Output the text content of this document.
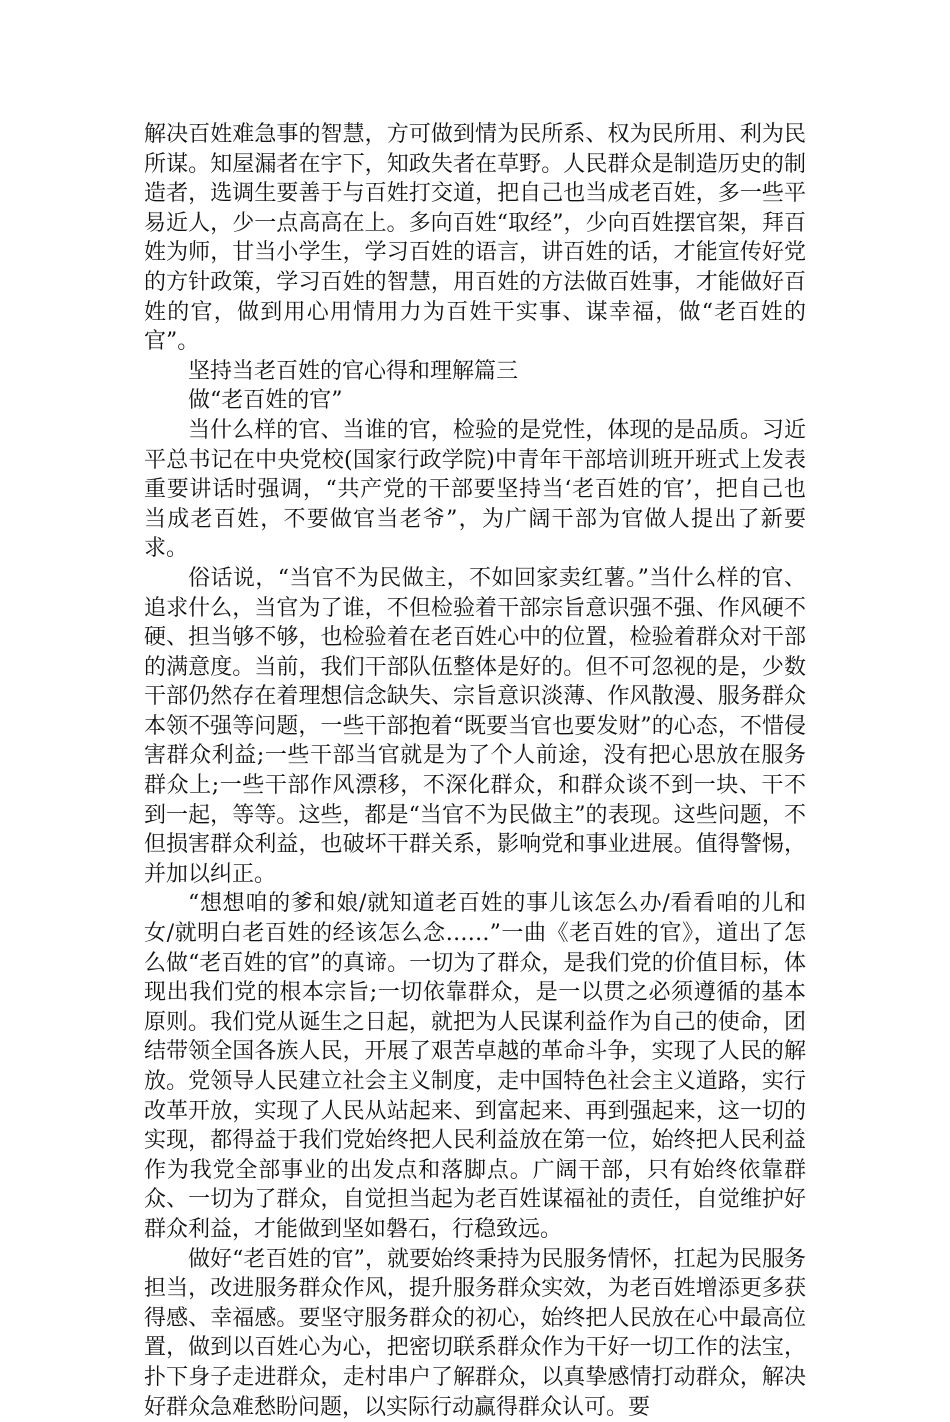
解决百姓难急事的智慧，方可做到情为民所系、权为民所用、利为民所谋。知屋漏者在宇下，知政失者在草野。人民群众是制造历史的制造者，选调生要善于与百姓打交道，把自己也当成老百姓，多一些平易近人，少一点高高在上。多向百姓“取经”，少向百姓摆官架，拜百姓为师，甘当小学生，学习百姓的语言，讲百姓的话，才能宣传好党的方针政策，学习百姓的智慧，用百姓的方法做百姓事，才能做好百姓的官，做到用心用情用力为百姓干实事、谋幸福，做“老百姓的官”。

坚持当老百姓的官心得和理解篇三

做“老百姓的官”

当什么样的官、当谁的官，检验的是党性，体现的是品质。习近平总书记在中央党校(国家行政学院)中青年干部培训班开班式上发表重要讲话时强调，“共产党的干部要坚持当‘老百姓的官’，把自己也当成老百姓，不要做官当老爷”，为广阔干部为官做人提出了新要求。

俗话说，“当官不为民做主，不如回家卖红薯。”当什么样的官、追求什么，当官为了谁，不但检验着干部宗旨意识强不强、作风硬不硬、担当够不够，也检验着在老百姓心中的位置，检验着群众对干部的满意度。当前，我们干部队伍整体是好的。但不可忽视的是，少数干部仍然存在着理想信念缺失、宗旨意识淡薄、作风散漫、服务群众本领不强等问题，一些干部抱着“既要当官也要发财”的心态，不惜侵害群众利益;一些干部当官就是为了个人前途，没有把心思放在服务群众上;一些干部作风漂移，不深化群众，和群众谈不到一块、干不到一起，等等。这些，都是“当官不为民做主”的表现。这些问题，不但损害群众利益，也破坏干群关系，影响党和事业进展。值得警惕，并加以纠正。

“想想咱的爹和娘/就知道老百姓的事儿该怎么办/看看咱的儿和女/就明白老百姓的经该怎么念……”一曲《老百姓的官》，道出了怎么做“老百姓的官”的真谛。一切为了群众，是我们党的价值目标，体现出我们党的根本宗旨;一切依靠群众，是一以贯之必须遵循的基本原则。我们党从诞生之日起，就把为人民谋利益作为自己的使命，团结带领全国各族人民，开展了艰苦卓越的革命斗争，实现了人民的解放。党领导人民建立社会主义制度，走中国特色社会主义道路，实行改革开放，实现了人民从站起来、到富起来、再到强起来，这一切的实现，都得益于我们党始终把人民利益放在第一位，始终把人民利益作为我党全部事业的出发点和落脚点。广阔干部，只有始终依靠群众、一切为了群众，自觉担当起为老百姓谋福祉的责任，自觉维护好群众利益，才能做到坚如磐石，行稳致远。

做好“老百姓的官”，就要始终秉持为民服务情怀，扛起为民服务担当，改进服务群众作风，提升服务群众实效，为老百姓增添更多获得感、幸福感。要坚守服务群众的初心，始终把人民放在心中最高位置，做到以百姓心为心，把密切联系群众作为干好一切工作的法宝，扑下身子走进群众，走村串户了解群众，以真挚感情打动群众，解决好群众急难愁盼问题，以实际行动赢得群众认可。要
